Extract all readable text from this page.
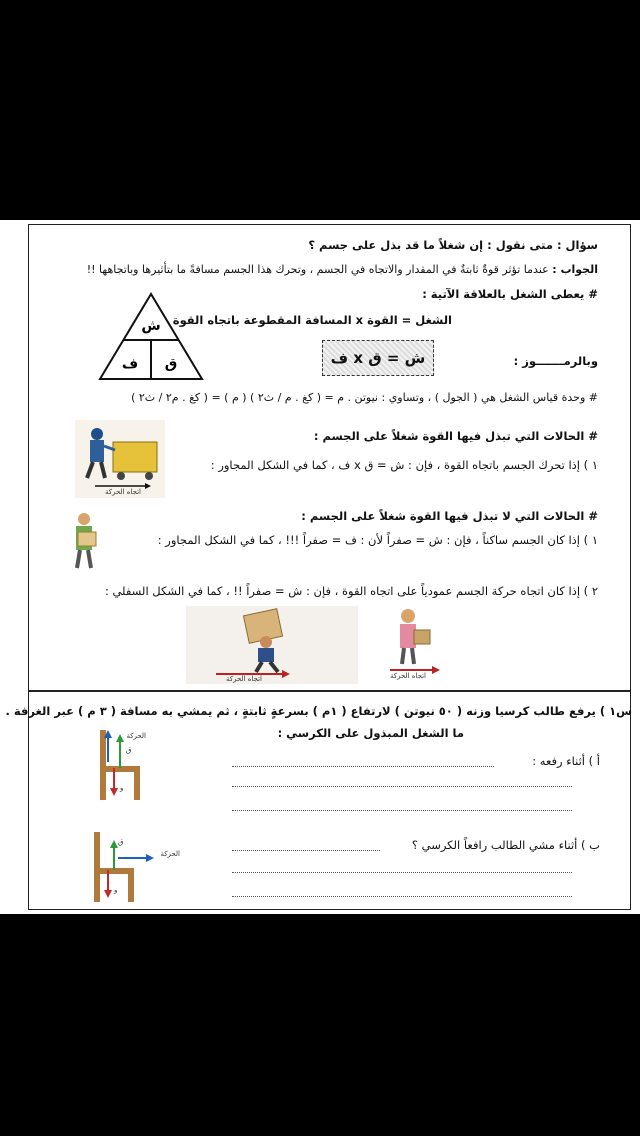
سؤال : متى نقول : إن شغلاً ما قد بذل على جسم ؟
الجواب : عندما تؤثر قوةٌ ثابتةٌ في المقدار والاتجاه في الجسم ، وتحرك هذا الجسم مسافةً ما بتأثيرها وباتجاهها !!
# يعطى الشغل بالعلاقة الآتية :
الشغل = القوة x المسافة المقطوعة باتجاه القوة
ش
ف ق	وبالرمـــــــوز :
ش = ق x ف
# وحدة قياس الشغل هي ( الجول ) ، وتساوي : نيوتن . م = ( كغ . م / ث٢ ) ( م ) = ( كغ . م٢ / ث٢ )
# الحالات التي تبذل فيها القوة شغلاً على الجسم :
١ ) إذا تحرك الجسم باتجاه القوة ، فإن : ش = ق x ف ، كما في الشكل المجاور :
اتجاه الحركة
# الحالات التي لا تبذل فيها القوة شغلاً على الجسم :
١ ) إذا كان الجسم ساكناً ، فإن : ش = صفراً لأن : ف = صفراً !!! ، كما في الشكل المجاور :
٢ ) إذا كان اتجاه حركة الجسم عمودياً على اتجاه القوة ، فإن : ش = صفراً !! ، كما في الشكل السفلي :
اتجاه الحركة	اتجاه الحركة
س١ ) يرفع طالب كرسيا وزنه ( ٥٠ نيوتن ) لارتفاع ( ١م ) بسرعةٍ ثابتةٍ ، ثم يمشي به مسافة ( ٣ م ) عبر الغرفة .
ما الشغل المبذول على الكرسي :
أ ) أثناء رفعه :
ب ) أثناء مشي الطالب رافعاً الكرسي ؟
الحركة
ق
و
الحركة
ق
و
